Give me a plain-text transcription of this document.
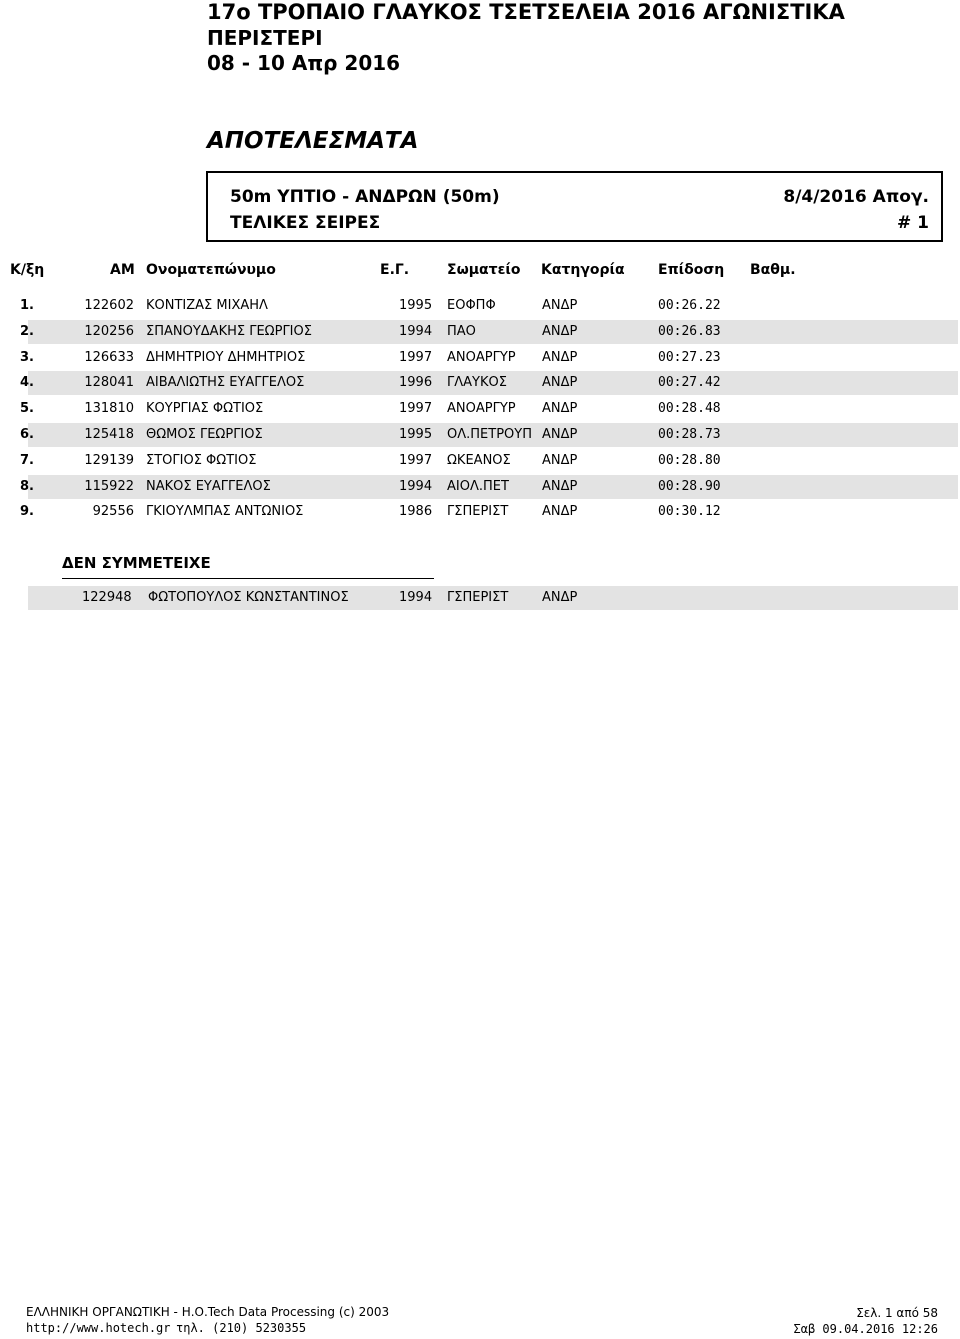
17ο ΤΡΟΠΑΙΟ ΓΛΑΥΚΟΣ ΤΣΕΤΣΕΛΕΙΑ 2016 ΑΓΩΝΙΣΤΙΚΑ
ΠΕΡΙΣΤΕΡΙ
08 - 10 Απρ 2016
ΑΠΟΤΕΛΕΣΜΑΤΑ
50m ΥΠΤΙΟ - ΑΝΔΡΩΝ (50m)	8/4/2016 Απογ.
ΤΕΛΙΚΕΣ ΣΕΙΡΕΣ	# 1
Κ/ξη	ΑΜ Ονοματεπώνυμο	Ε.Γ.	Σωματείο Κατηγορία Επίδοση Βαθμ.
1.	122602 ΚΟΝΤΙΖΑΣ ΜΙΧΑΗΛ	1995 ΕΟΦΠΦ	ΑΝΔΡ	00:26.22
2.	120256 ΣΠΑΝΟΥΔΑΚΗΣ ΓΕΩΡΓΙΟΣ	1994 ΠΑΟ	ΑΝΔΡ	00:26.83
3.	126633 ΔΗΜΗΤΡΙΟΥ ΔΗΜΗΤΡΙΟΣ	1997 ΑΝΟΑΡΓΥΡ ΑΝΔΡ	00:27.23
4.	128041 ΑΙΒΑΛΙΩΤΗΣ ΕΥΑΓΓΕΛΟΣ	1996 ΓΛΑΥΚΟΣ	ΑΝΔΡ	00:27.42
5.	131810 ΚΟΥΡΓΙΑΣ ΦΩΤΙΟΣ	1997 ΑΝΟΑΡΓΥΡ ΑΝΔΡ	00:28.48
6.	125418 ΘΩΜΟΣ ΓΕΩΡΓΙΟΣ	1995 ΟΛ.ΠΕΤΡΟΥΠ ΑΝΔΡ	00:28.73
7.	129139 ΣΤΟΓΙΟΣ ΦΩΤΙΟΣ	1997 ΩΚΕΑΝΟΣ ΑΝΔΡ	00:28.80
8.	115922 ΝΑΚΟΣ ΕΥΑΓΓΕΛΟΣ	1994 ΑΙΟΛ.ΠΕΤ	ΑΝΔΡ	00:28.90
9.	92556 ΓΚΙΟΥΛΜΠΑΣ ΑΝΤΩΝΙΟΣ	1986 ΓΣΠΕΡΙΣΤ	ΑΝΔΡ	00:30.12
ΔΕΝ ΣΥΜΜΕΤΕΙΧΕ
122948 ΦΩΤΟΠΟΥΛΟΣ ΚΩΝΣΤΑΝΤΙΝΟΣ	1994 ΓΣΠΕΡΙΣΤ	ΑΝΔΡ
ΕΛΛΗΝΙΚΗ ΟΡΓΑΝΩΤΙΚΗ - Η.Ο.Tech Data Processing (c) 2003
http://www.hotech.gr τηλ. (210) 5230355
Σελ. 1 από 58
Σαβ 09.04.2016 12:26
